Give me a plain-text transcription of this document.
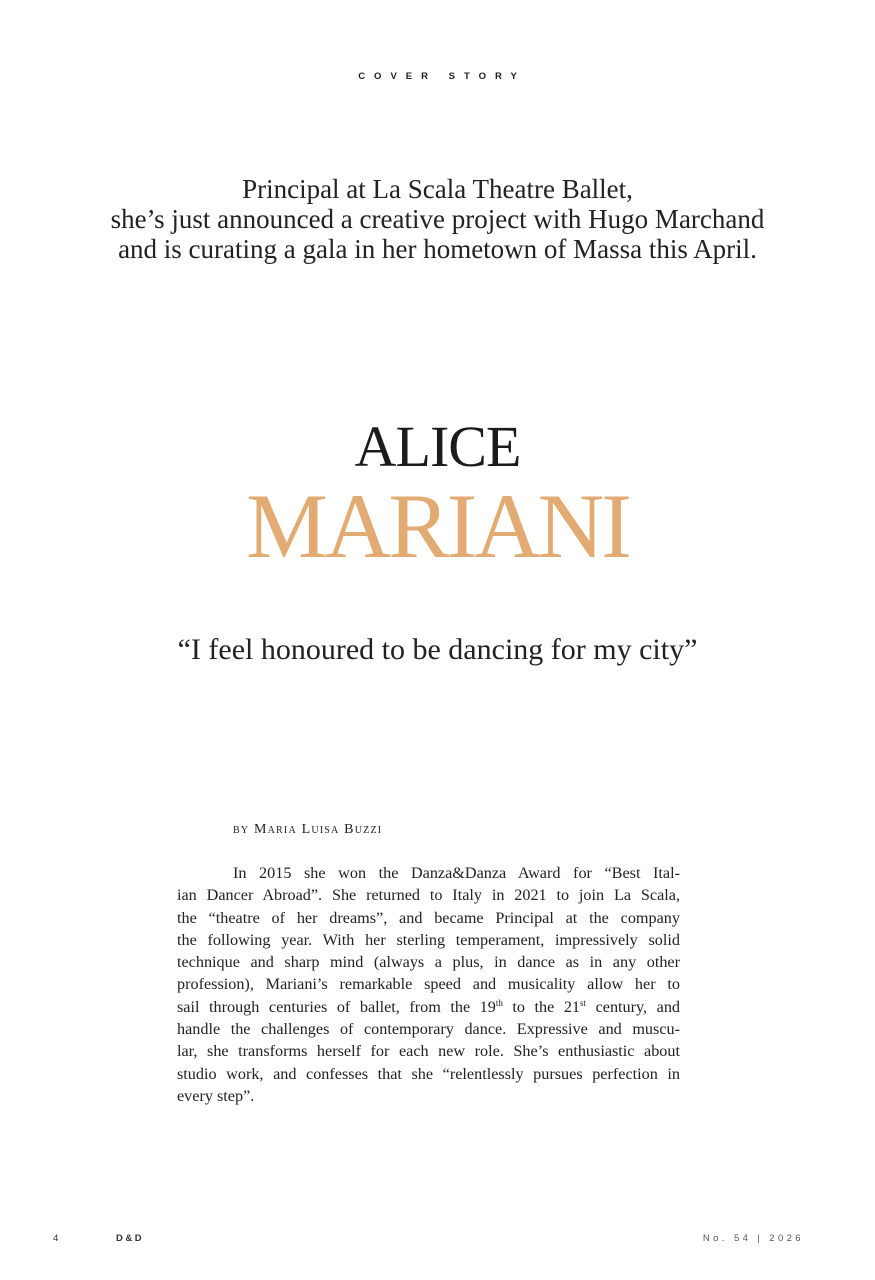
COVER STORY
Principal at La Scala Theatre Ballet,
she’s just announced a creative project with Hugo Marchand
and is curating a gala in her hometown of Massa this April.
ALICE
MARIANI
“I feel honoured to be dancing for my city”
by Maria Luisa Buzzi
In 2015 she won the Danza&Danza Award for “Best Ital-
ian Dancer Abroad”. She returned to Italy in 2021 to join La Scala,
the “theatre of her dreams”, and became Principal at the company
the following year. With her sterling temperament, impressively solid
technique and sharp mind (always a plus, in dance as in any other
profession), Mariani’s remarkable speed and musicality allow her to
sail through centuries of ballet, from the 19th to the 21st century, and
handle the challenges of contemporary dance. Expressive and muscu-
lar, she transforms herself for each new role. She’s enthusiastic about
studio work, and confesses that she “relentlessly pursues perfection in
every step”.
4	D&D	No. 54 | 2026
